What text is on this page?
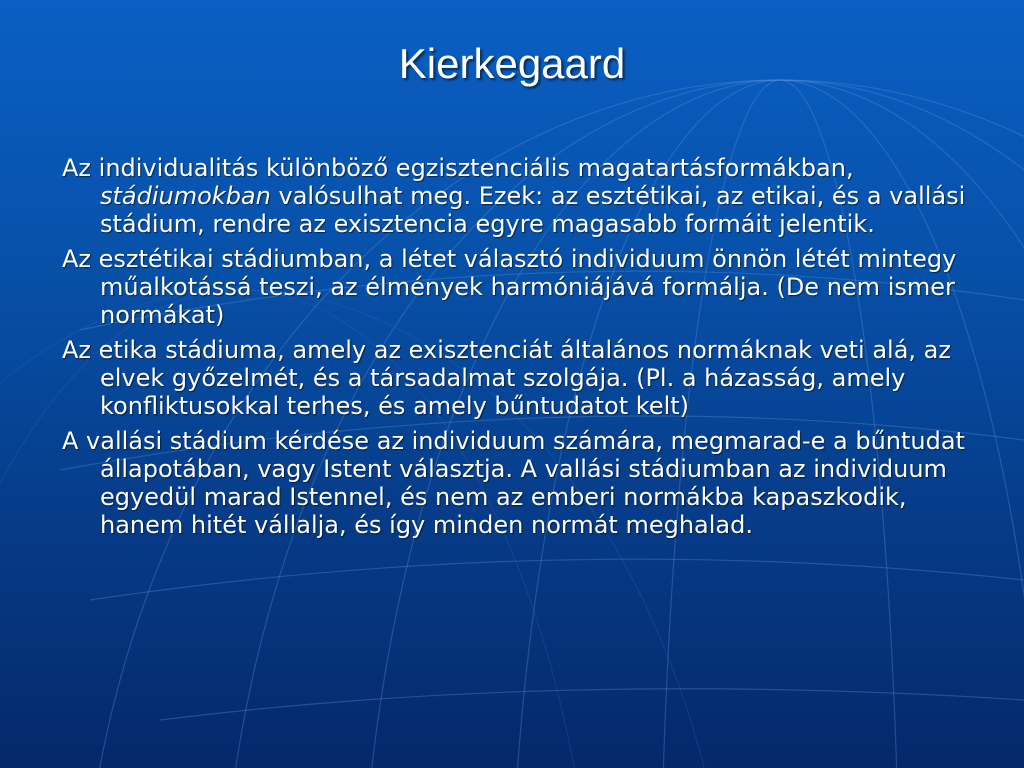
Kierkegaard

Az individualitás különböző egzisztenciális magatartásformákban, stádiumokban valósulhat meg. Ezek: az esztétikai, az etikai, és a vallási stádium, rendre az exisztencia egyre magasabb formáit jelentik.

Az esztétikai stádiumban, a létet választó individuum önnön létét mintegy műalkotássá teszi, az élmények harmóniájává formálja. (De nem ismer normákat)

Az etika stádiuma, amely az exisztenciát általános normáknak veti alá, az elvek győzelmét, és a társadalmat szolgája. (Pl. a házasság, amely konfliktusokkal terhes, és amely bűntudatot kelt)

A vallási stádium kérdése az individuum számára, megmarad-e a bűntudat állapotában, vagy Istent választja. A vallási stádiumban az individuum egyedül marad Istennel, és nem az emberi normákba kapaszkodik, hanem hitét vállalja, és így minden normát meghalad.
